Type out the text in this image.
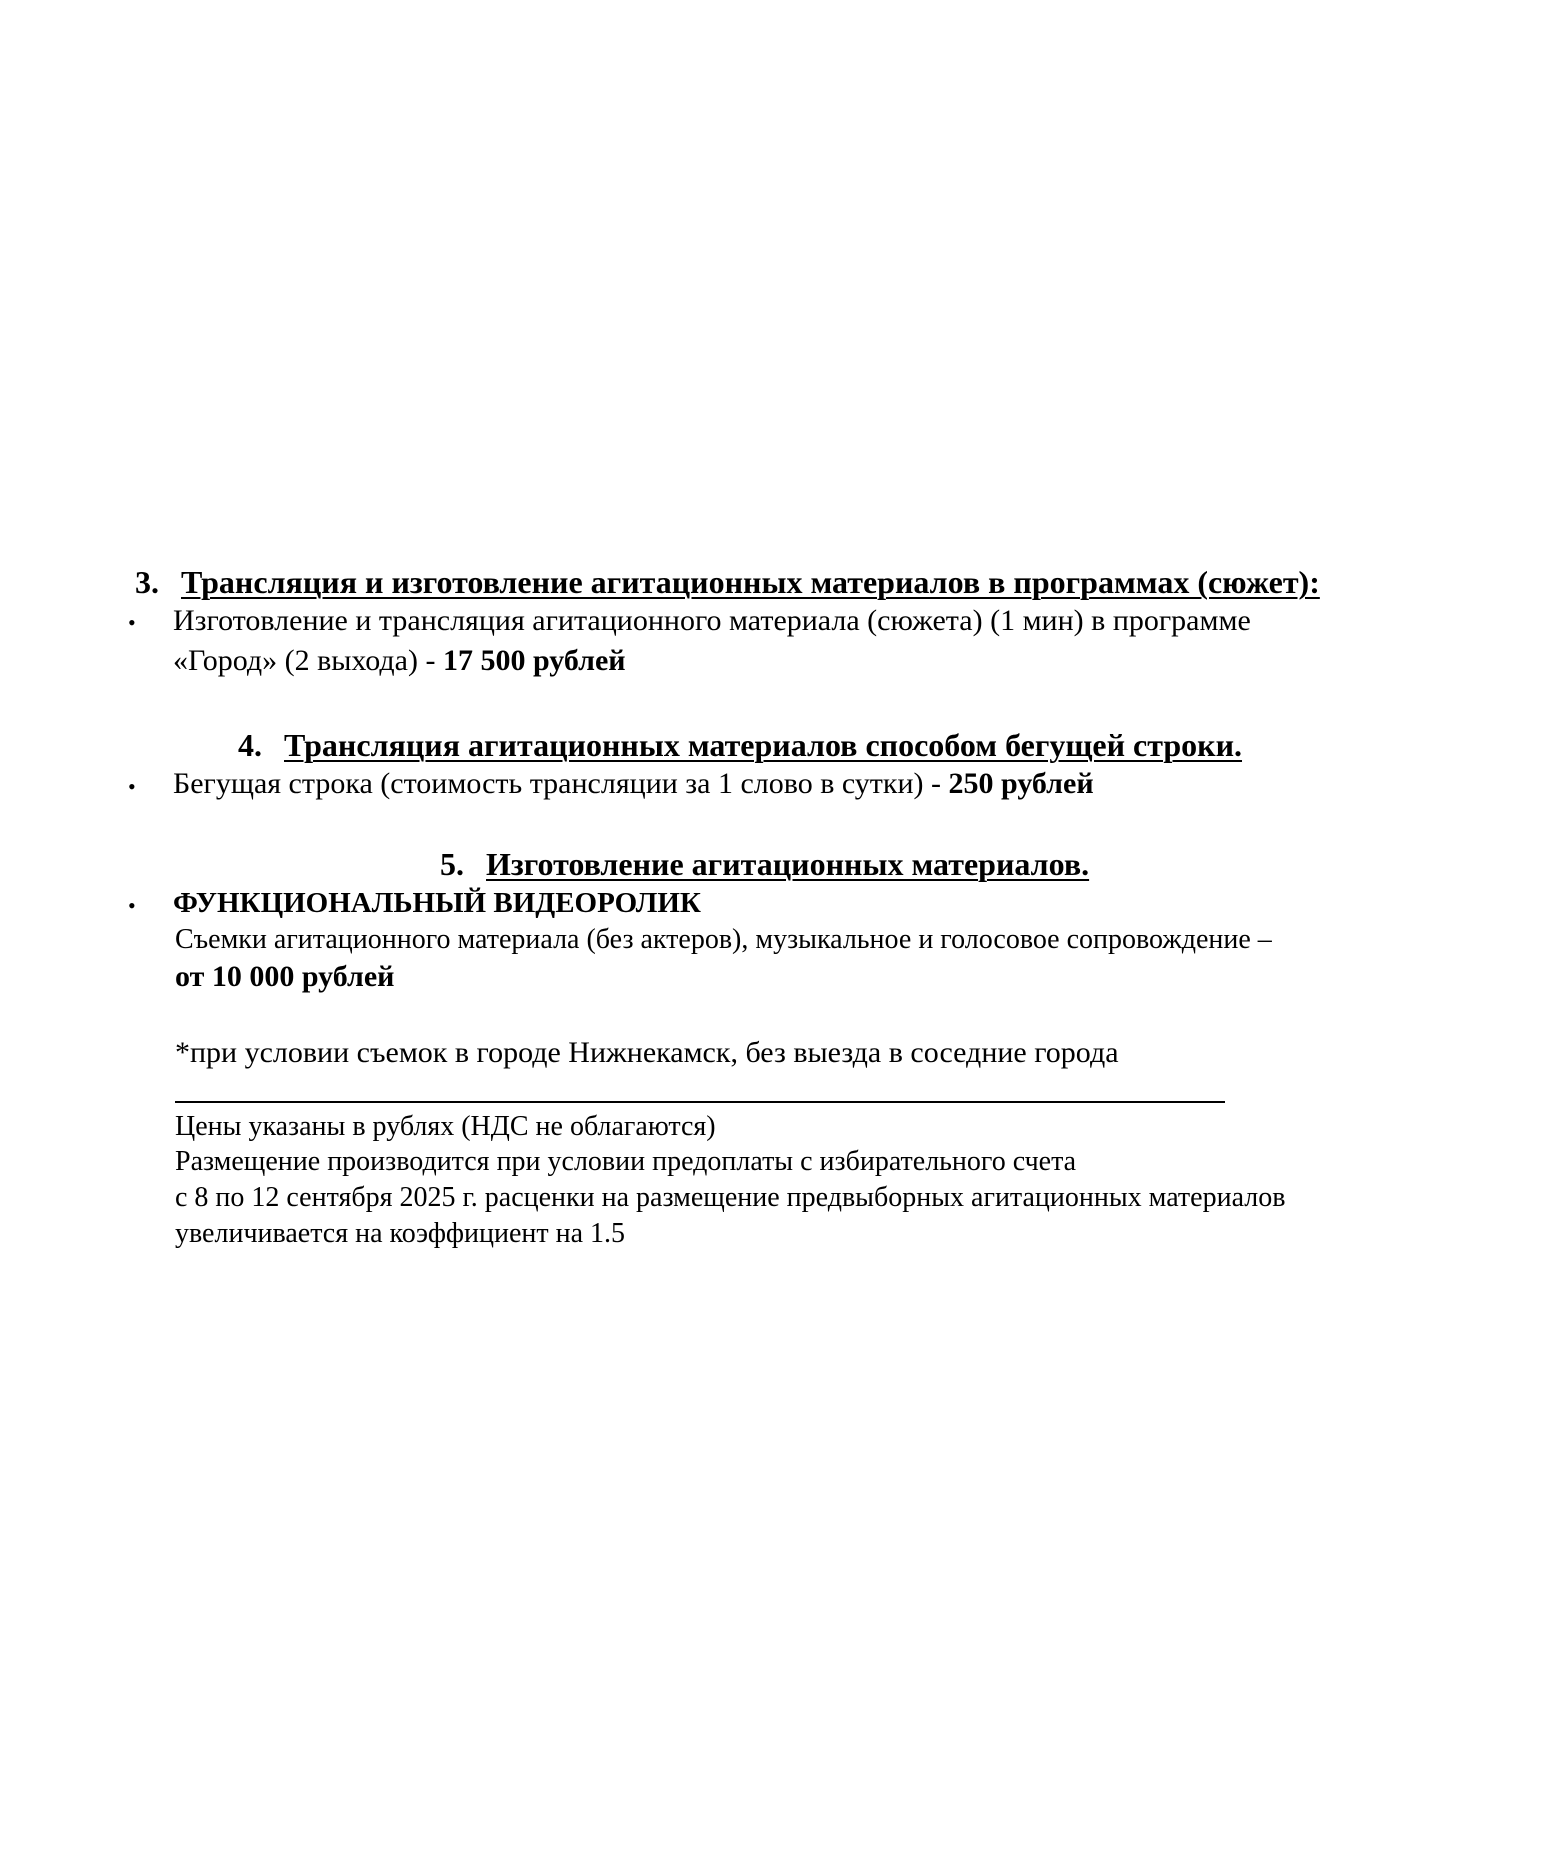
3. Трансляция и изготовление агитационных материалов в программах (сюжет):
• Изготовление и трансляция агитационного материала (сюжета) (1 мин) в программе
«Город» (2 выхода) - 17 500 рублей
4. Трансляция агитационных материалов способом бегущей строки.
• Бегущая строка (стоимость трансляции за 1 слово в сутки) - 250 рублей
5. Изготовление агитационных материалов.
• ФУНКЦИОНАЛЬНЫЙ ВИДЕОРОЛИК
Съемки агитационного материала (без актеров), музыкальное и голосовое сопровождение –
от 10 000 рублей
*при условии съемок в городе Нижнекамск, без выезда в соседние города
Цены указаны в рублях (НДС не облагаются)
Размещение производится при условии предоплаты с избирательного счета
с 8 по 12 сентября 2025 г. расценки на размещение предвыборных агитационных материалов
увеличивается на коэффициент на 1.5
